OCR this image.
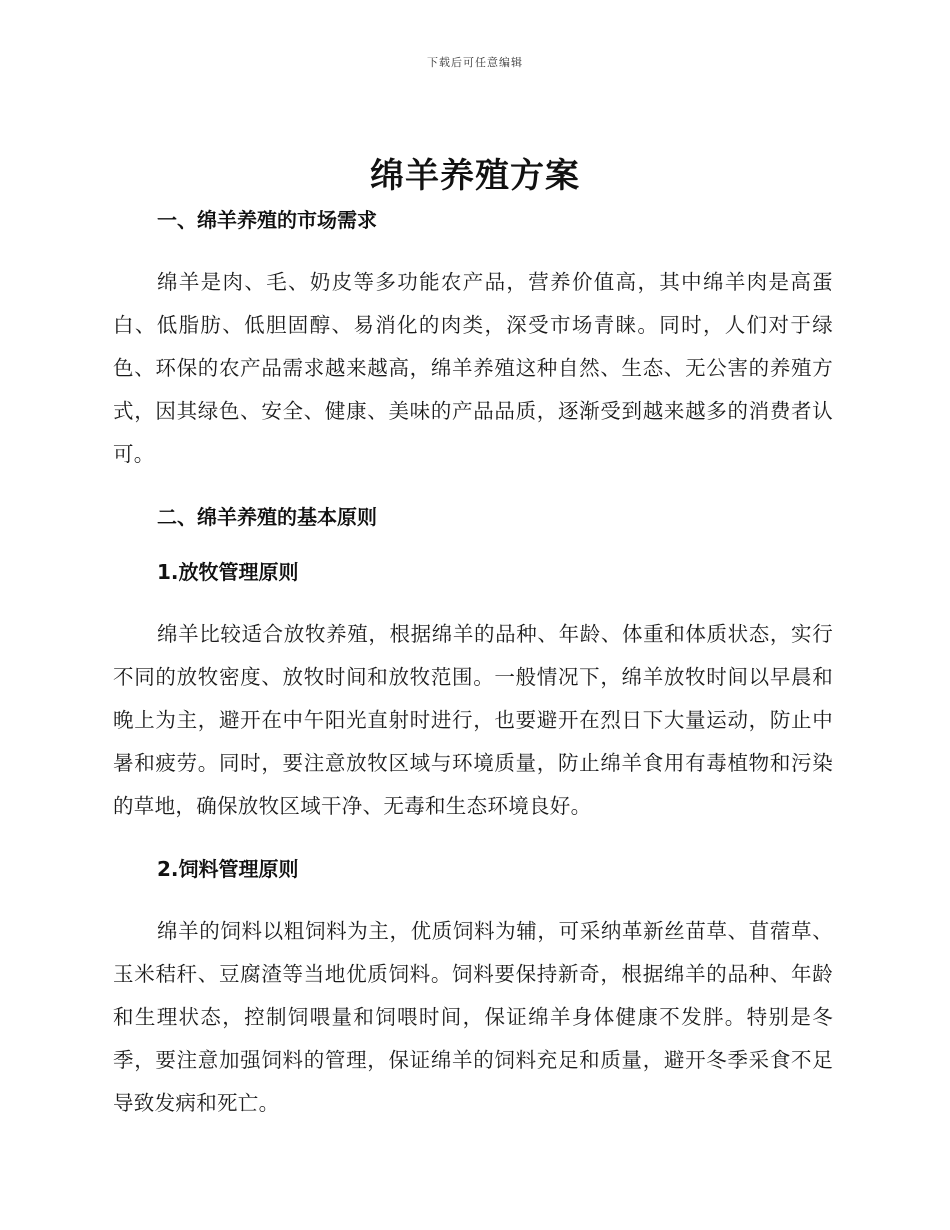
下载后可任意编辑
绵羊养殖方案
一、绵羊养殖的市场需求

绵羊是肉、毛、奶皮等多功能农产品，营养价值高，其中绵羊肉是高蛋白、低脂肪、低胆固醇、易消化的肉类，深受市场青睐。同时，人们对于绿色、环保的农产品需求越来越高，绵羊养殖这种自然、生态、无公害的养殖方式，因其绿色、安全、健康、美味的产品品质，逐渐受到越来越多的消费者认可。

二、绵羊养殖的基本原则
1.放牧管理原则

绵羊比较适合放牧养殖，根据绵羊的品种、年龄、体重和体质状态，实行不同的放牧密度、放牧时间和放牧范围。一般情况下，绵羊放牧时间以早晨和晚上为主，避开在中午阳光直射时进行，也要避开在烈日下大量运动，防止中暑和疲劳。同时，要注意放牧区域与环境质量，防止绵羊食用有毒植物和污染的草地，确保放牧区域干净、无毒和生态环境良好。

2.饲料管理原则

绵羊的饲料以粗饲料为主，优质饲料为辅，可采纳革新丝苗草、苜蓿草、玉米秸秆、豆腐渣等当地优质饲料。饲料要保持新奇，根据绵羊的品种、年龄和生理状态，控制饲喂量和饲喂时间，保证绵羊身体健康不发胖。特别是冬季，要注意加强饲料的管理，保证绵羊的饲料充足和质量，避开冬季采食不足导致发病和死亡。
